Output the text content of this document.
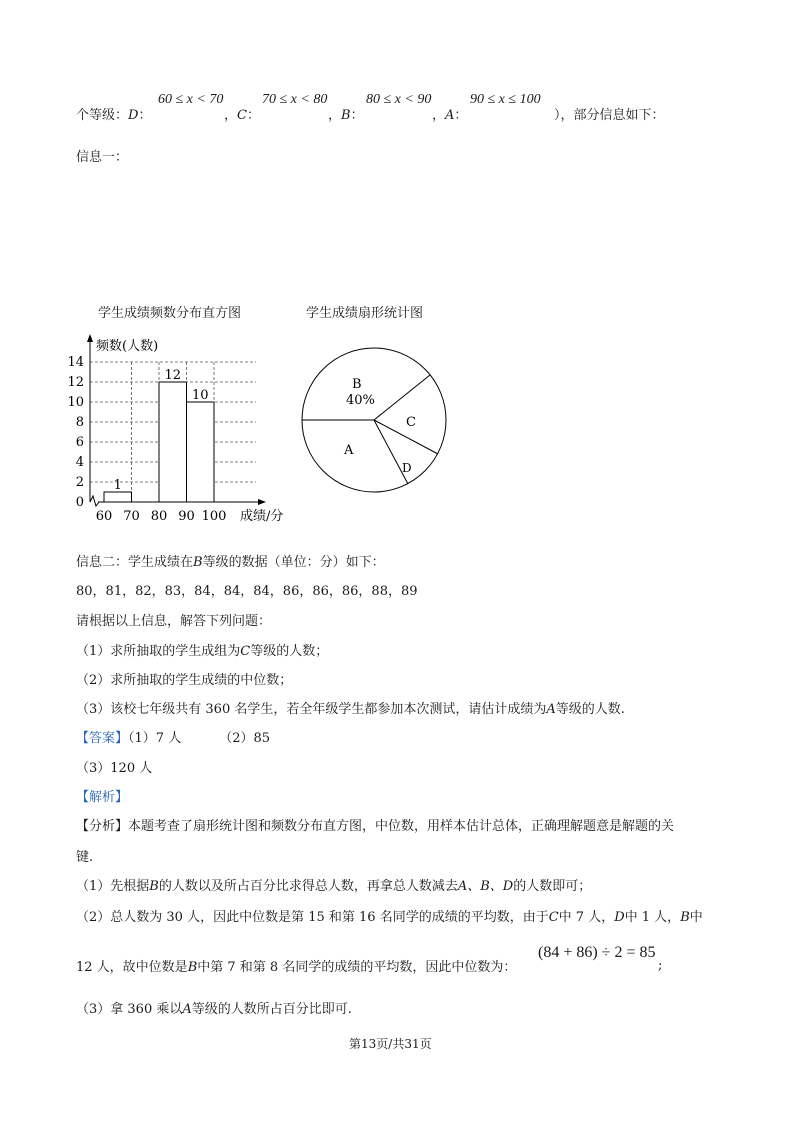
个等级：D：
60 ≤ x < 70
，C：
70 ≤ x < 80
，B：
80 ≤ x < 90
，A：
90 ≤ x ≤ 100
），部分信息如下：
信息一：
学生成绩频数分布直方图
频数(人数)
成绩/分
0
2
4
6
8
10
12
14
60 70 80 90 100
1
12
10
学生成绩扇形统计图
B
40%
A
C
D
信息二：学生成绩在B等级的数据（单位：分）如下：
80，81，82，83，84，84，84，86，86，86，88，89
请根据以上信息，解答下列问题：
（1）求所抽取的学生成组为C等级的人数；
（2）求所抽取的学生成绩的中位数；
（3）该校七年级共有 360 名学生，若全年级学生都参加本次测试，请估计成绩为A等级的人数.
【答案】（1）7 人	（2）85
（3）120 人
【解析】
【分析】本题考查了扇形统计图和频数分布直方图，中位数，用样本估计总体，正确理解题意是解题的关
键.
（1）先根据B的人数以及所占百分比求得总人数，再拿总人数减去A、B、D的人数即可；
（2）总人数为 30 人，因此中位数是第 15 和第 16 名同学的成绩的平均数，由于C中 7 人，D中 1 人，B中
12 人，故中位数是B中第 7 和第 8 名同学的成绩的平均数，因此中位数为：
(84 + 86) ÷ 2 = 85
;
（3）拿 360 乘以A等级的人数所占百分比即可.
第13页/共31页
